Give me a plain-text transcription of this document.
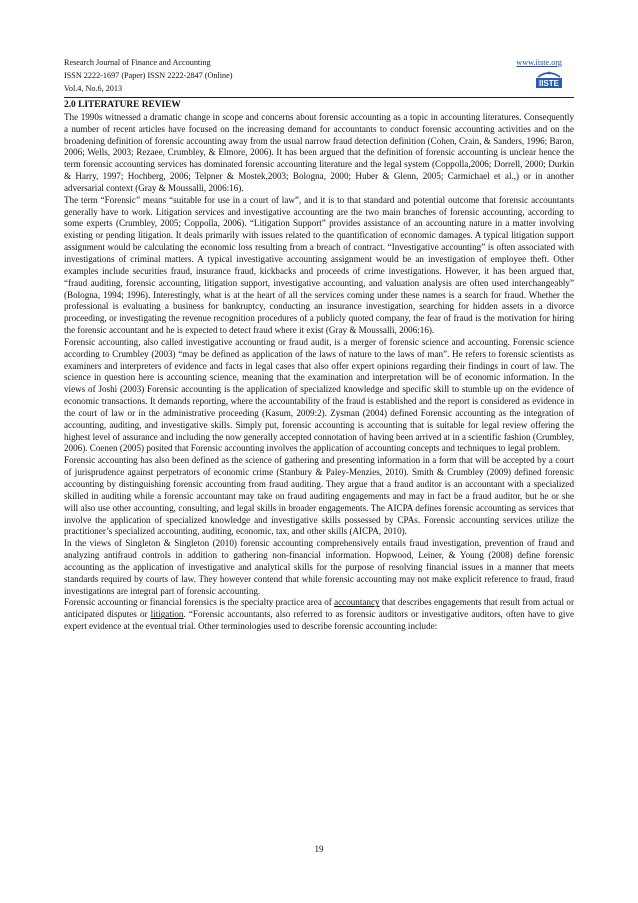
Research Journal of Finance and Accounting
ISSN 2222-1697 (Paper) ISSN 2222-2847 (Online)
Vol.4, No.6, 2013
www.iiste.org
IISTE

2.0 LITERATURE REVIEW

The 1990s witnessed a dramatic change in scope and concerns about forensic accounting as a topic in accounting literatures. Consequently a number of recent articles have focused on the increasing demand for accountants to conduct forensic accounting activities and on the broadening definition of forensic accounting away from the usual narrow fraud detection definition (Cohen, Crain, & Sanders, 1996; Baron, 2006; Wells, 2003; Rezaee, Crumbley, & Elmore, 2006). It has been argued that the definition of forensic accounting is unclear hence the term forensic accounting services has dominated forensic accounting literature and the legal system (Coppolla,2006; Dorrell, 2000; Durkin & Harry, 1997; Hochberg, 2006; Telpner & Mostek,2003; Bologna, 2000; Huber & Glenn, 2005; Carmichael et al.,) or in another adversarial context (Gray & Moussalli, 2006:16).

The term “Forensic” means “suitable for use in a court of law”, and it is to that standard and potential outcome that forensic accountants generally have to work. Litigation services and investigative accounting are the two main branches of forensic accounting, according to some experts (Crumbley, 2005; Coppolla, 2006). “Litigation Support” provides assistance of an accounting nature in a matter involving existing or pending litigation. It deals primarily with issues related to the quantification of economic damages. A typical litigation support assignment would be calculating the economic loss resulting from a breach of contract. “Investigative accounting” is often associated with investigations of criminal matters. A typical investigative accounting assignment would be an investigation of employee theft. Other examples include securities fraud, insurance fraud, kickbacks and proceeds of crime investigations. However, it has been argued that, “fraud auditing, forensic accounting, litigation support, investigative accounting, and valuation analysis are often used interchangeably” (Bologna, 1994; 1996). Interestingly, what is at the heart of all the services coming under these names is a search for fraud. Whether the professional is evaluating a business for bankruptcy, conducting an insurance investigation, searching for hidden assets in a divorce proceeding, or investigating the revenue recognition procedures of a publicly quoted company, the fear of fraud is the motivation for hiring the forensic accountant and he is expected to detect fraud where it exist (Gray & Moussalli, 2006:16).

Forensic accounting, also called investigative accounting or fraud audit, is a merger of forensic science and accounting. Forensic science according to Crumbley (2003) “may be defined as application of the laws of nature to the laws of man”. He refers to forensic scientists as examiners and interpreters of evidence and facts in legal cases that also offer expert opinions regarding their findings in court of law. The science in question here is accounting science, meaning that the examination and interpretation will be of economic information. In the views of Joshi (2003) Forensic accounting is the application of specialized knowledge and specific skill to stumble up on the evidence of economic transactions. It demands reporting, where the accountability of the fraud is established and the report is considered as evidence in the court of law or in the administrative proceeding (Kasum, 2009:2). Zysman (2004) defined Forensic accounting as the integration of accounting, auditing, and investigative skills. Simply put, forensic accounting is accounting that is suitable for legal review offering the highest level of assurance and including the now generally accepted connotation of having been arrived at in a scientific fashion (Crumbley, 2006). Coenen (2005) posited that Forensic accounting involves the application of accounting concepts and techniques to legal problem.

Forensic accounting has also been defined as the science of gathering and presenting information in a form that will be accepted by a court of jurisprudence against perpetrators of economic crime (Stanbury & Paley-Menzies, 2010). Smith & Crumbley (2009) defined forensic accounting by distinguishing forensic accounting from fraud auditing. They argue that a fraud auditor is an accountant with a specialized skilled in auditing while a forensic accountant may take on fraud auditing engagements and may in fact be a fraud auditor, but he or she will also use other accounting, consulting, and legal skills in broader engagements. The AICPA defines forensic accounting as services that involve the application of specialized knowledge and investigative skills possessed by CPAs. Forensic accounting services utilize the practitioner’s specialized accounting, auditing, economic, tax, and other skills (AICPA, 2010).

In the views of Singleton & Singleton (2010) forensic accounting comprehensively entails fraud investigation, prevention of fraud and analyzing antifraud controls in addition to gathering non-financial information. Hopwood, Leiner, & Young (2008) define forensic accounting as the application of investigative and analytical skills for the purpose of resolving financial issues in a manner that meets standards required by courts of law. They however contend that while forensic accounting may not make explicit reference to fraud, fraud investigations are integral part of forensic accounting.

Forensic accounting or financial forensics is the specialty practice area of accountancy that describes engagements that result from actual or anticipated disputes or litigation. “Forensic accountants, also referred to as forensic auditors or investigative auditors, often have to give expert evidence at the eventual trial. Other terminologies used to describe forensic accounting include:

19
